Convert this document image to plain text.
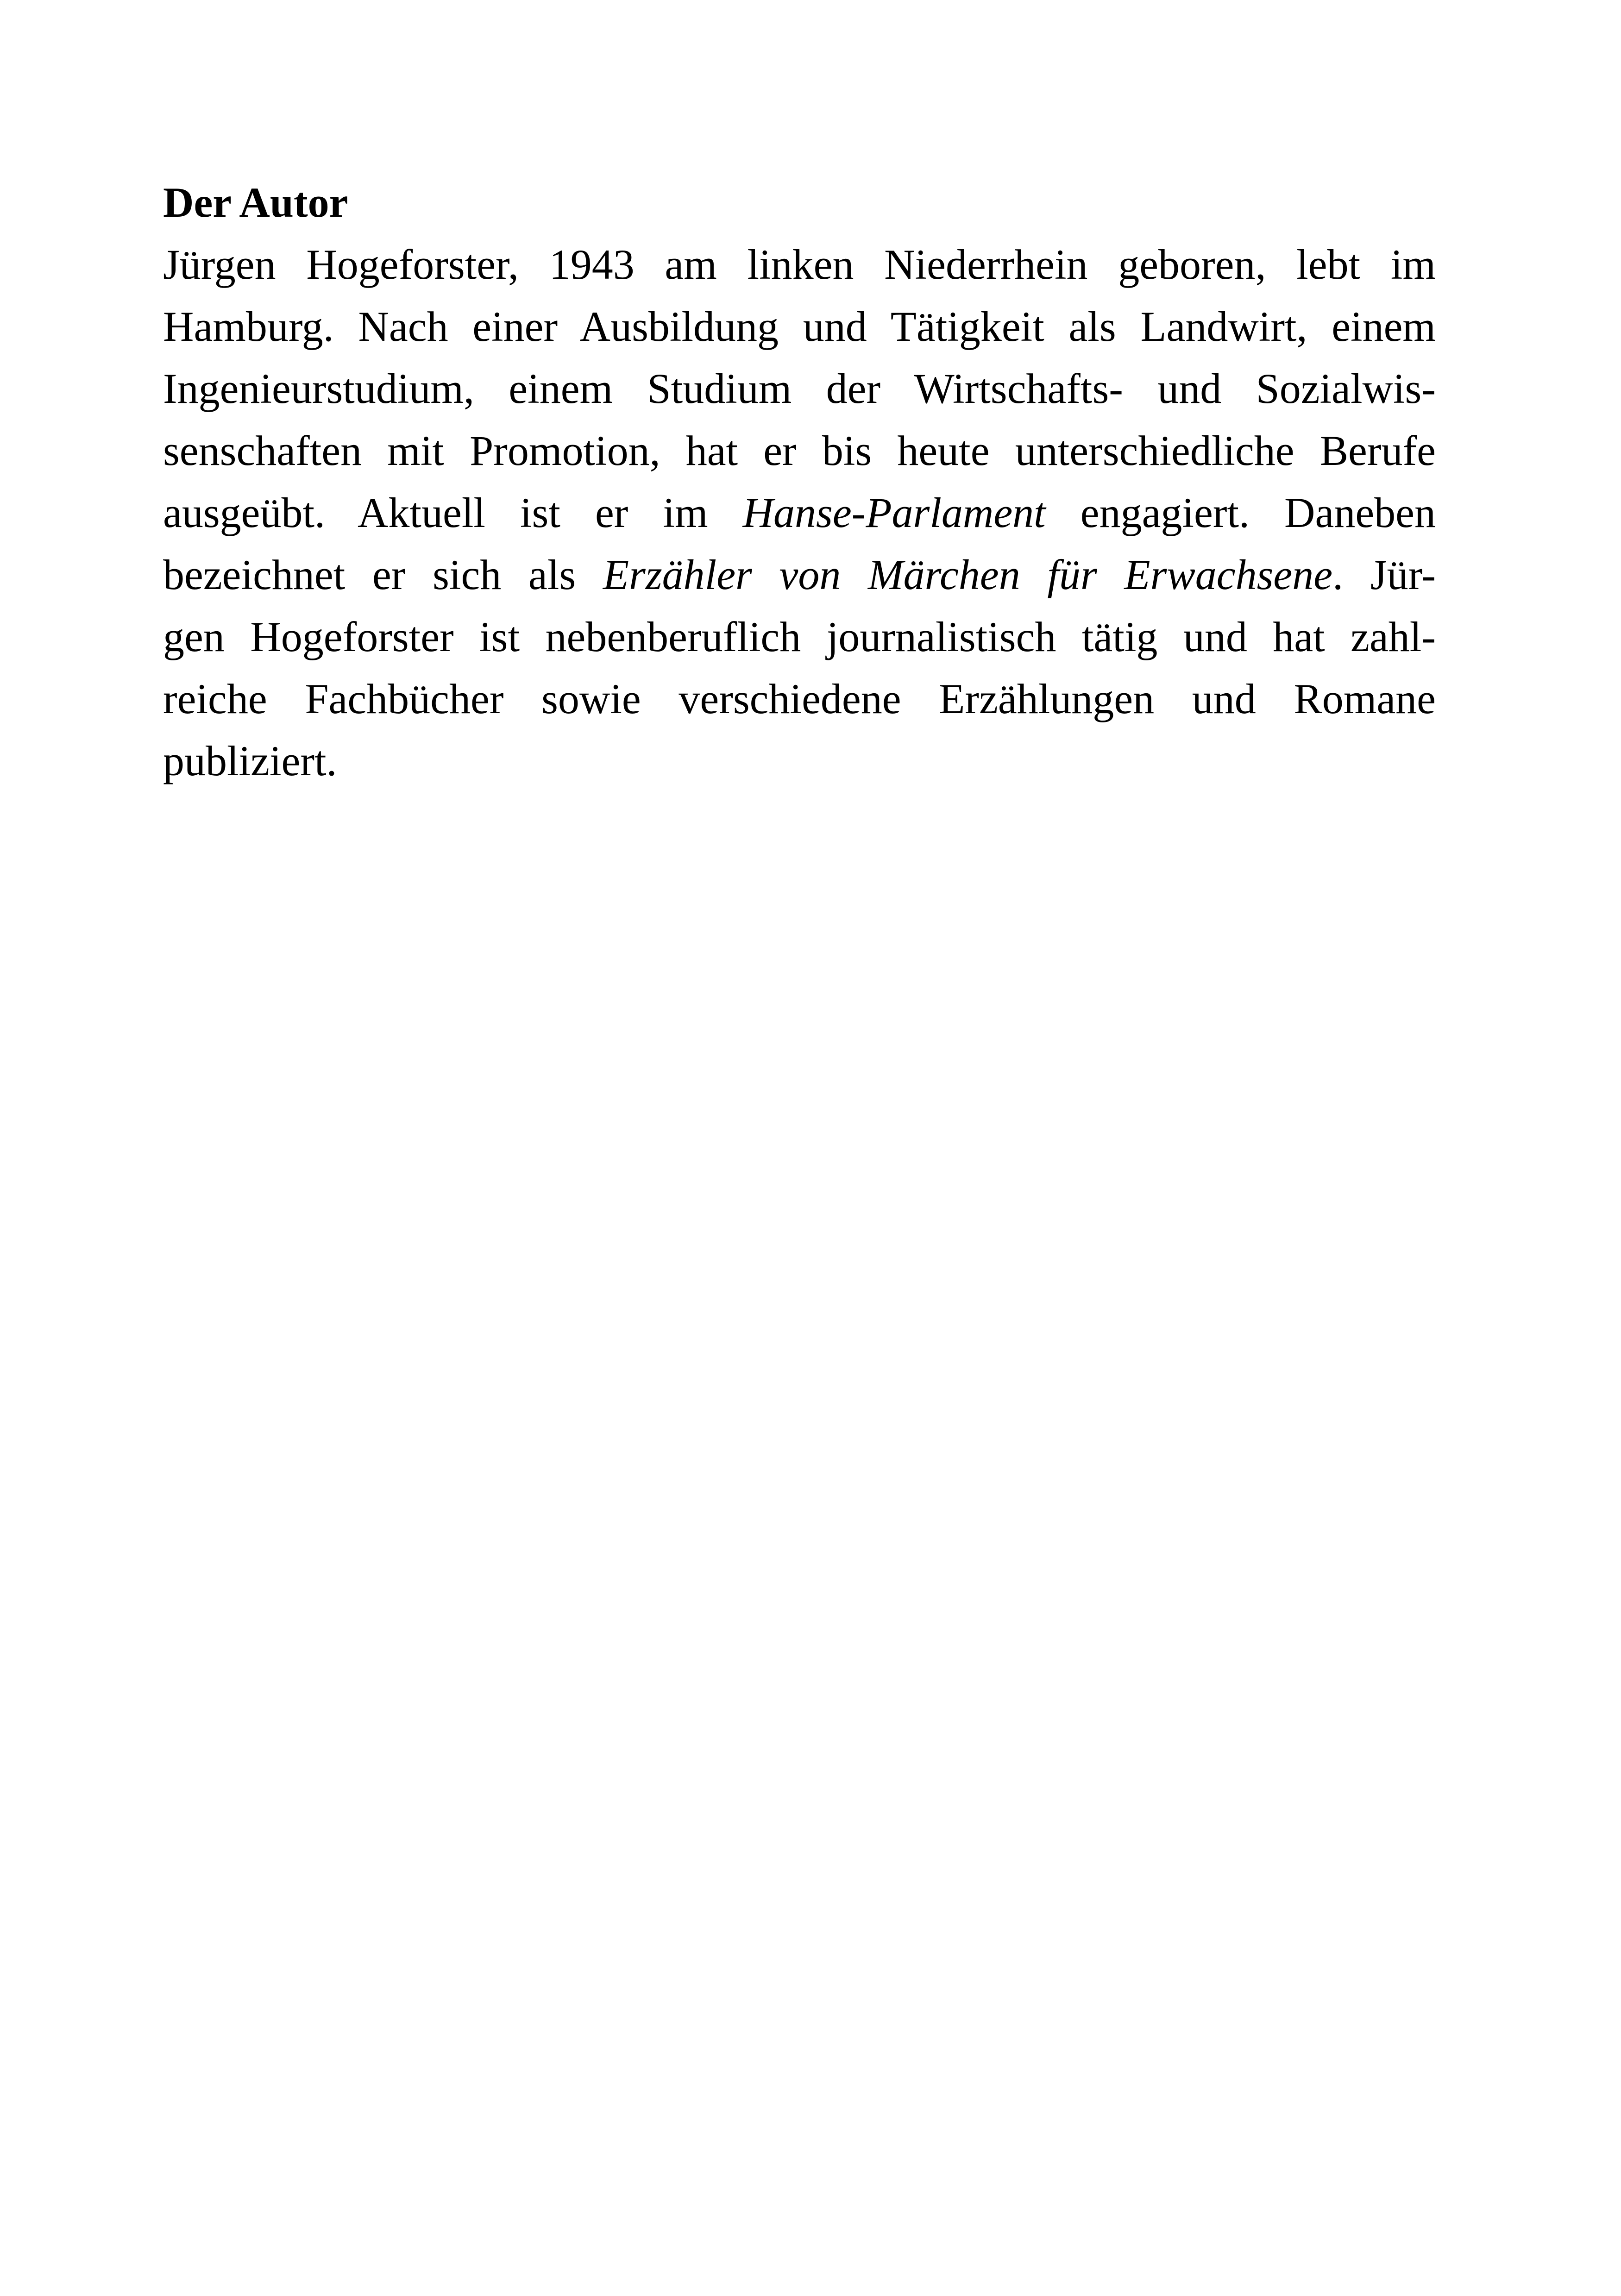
Der Autor
Jürgen Hogeforster, 1943 am linken Niederrhein geboren, lebt im
Hamburg. Nach einer Ausbildung und Tätigkeit als Landwirt, einem
Ingenieurstudium, einem Studium der Wirtschafts- und Sozialwis-
senschaften mit Promotion, hat er bis heute unterschiedliche Berufe
ausgeübt. Aktuell ist er im Hanse-Parlament engagiert. Daneben
bezeichnet er sich als Erzähler von Märchen für Erwachsene. Jür-
gen Hogeforster ist nebenberuflich journalistisch tätig und hat zahl-
reiche Fachbücher sowie verschiedene Erzählungen und Romane
publiziert.
